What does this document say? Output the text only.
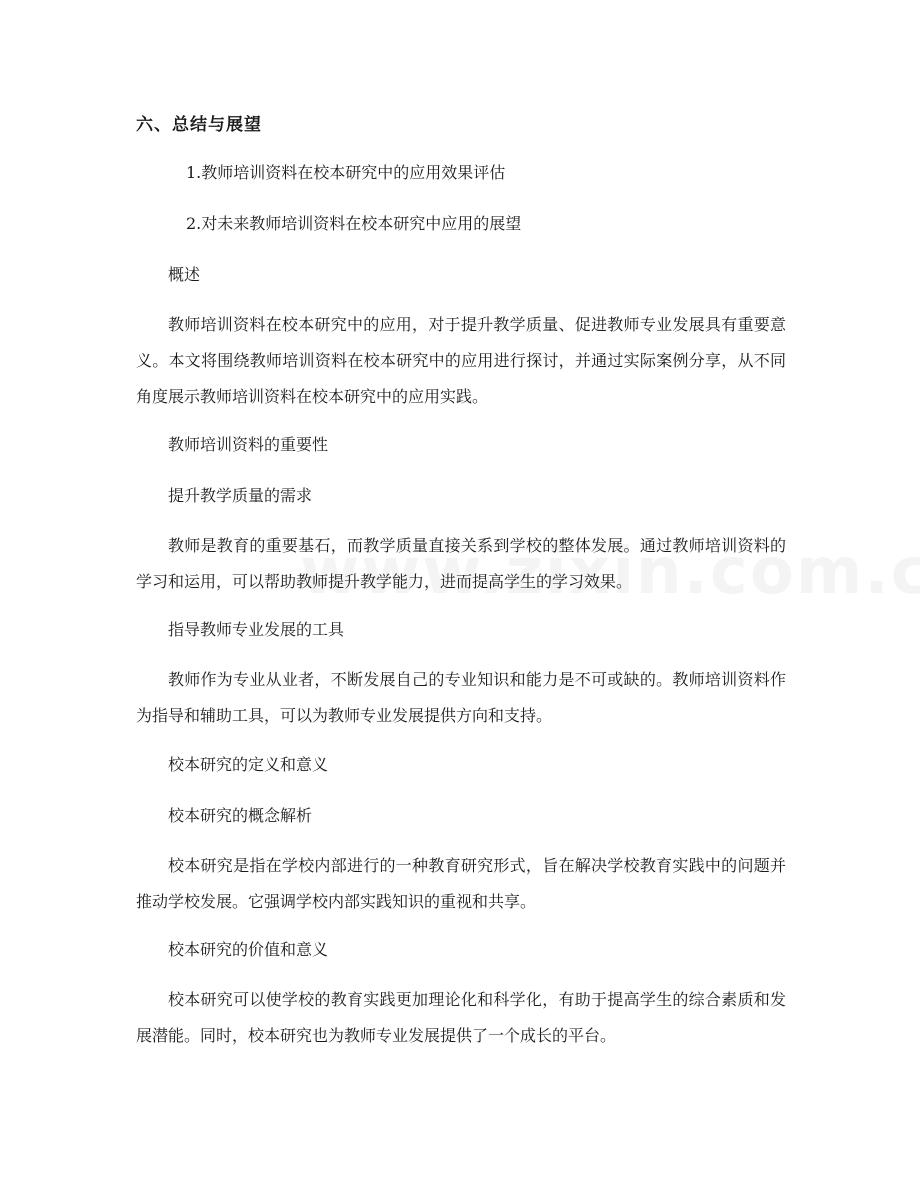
六、总结与展望

1.教师培训资料在校本研究中的应用效果评估

2.对未来教师培训资料在校本研究中应用的展望

概述

教师培训资料在校本研究中的应用，对于提升教学质量、促进教师专业发展具有重要意义。本文将围绕教师培训资料在校本研究中的应用进行探讨，并通过实际案例分享，从不同角度展示教师培训资料在校本研究中的应用实践。

教师培训资料的重要性

提升教学质量的需求

教师是教育的重要基石，而教学质量直接关系到学校的整体发展。通过教师培训资料的学习和运用，可以帮助教师提升教学能力，进而提高学生的学习效果。

指导教师专业发展的工具

教师作为专业从业者，不断发展自己的专业知识和能力是不可或缺的。教师培训资料作为指导和辅助工具，可以为教师专业发展提供方向和支持。

校本研究的定义和意义

校本研究的概念解析

校本研究是指在学校内部进行的一种教育研究形式，旨在解决学校教育实践中的问题并推动学校发展。它强调学校内部实践知识的重视和共享。

校本研究的价值和意义

校本研究可以使学校的教育实践更加理论化和科学化，有助于提高学生的综合素质和发展潜能。同时，校本研究也为教师专业发展提供了一个成长的平台。
